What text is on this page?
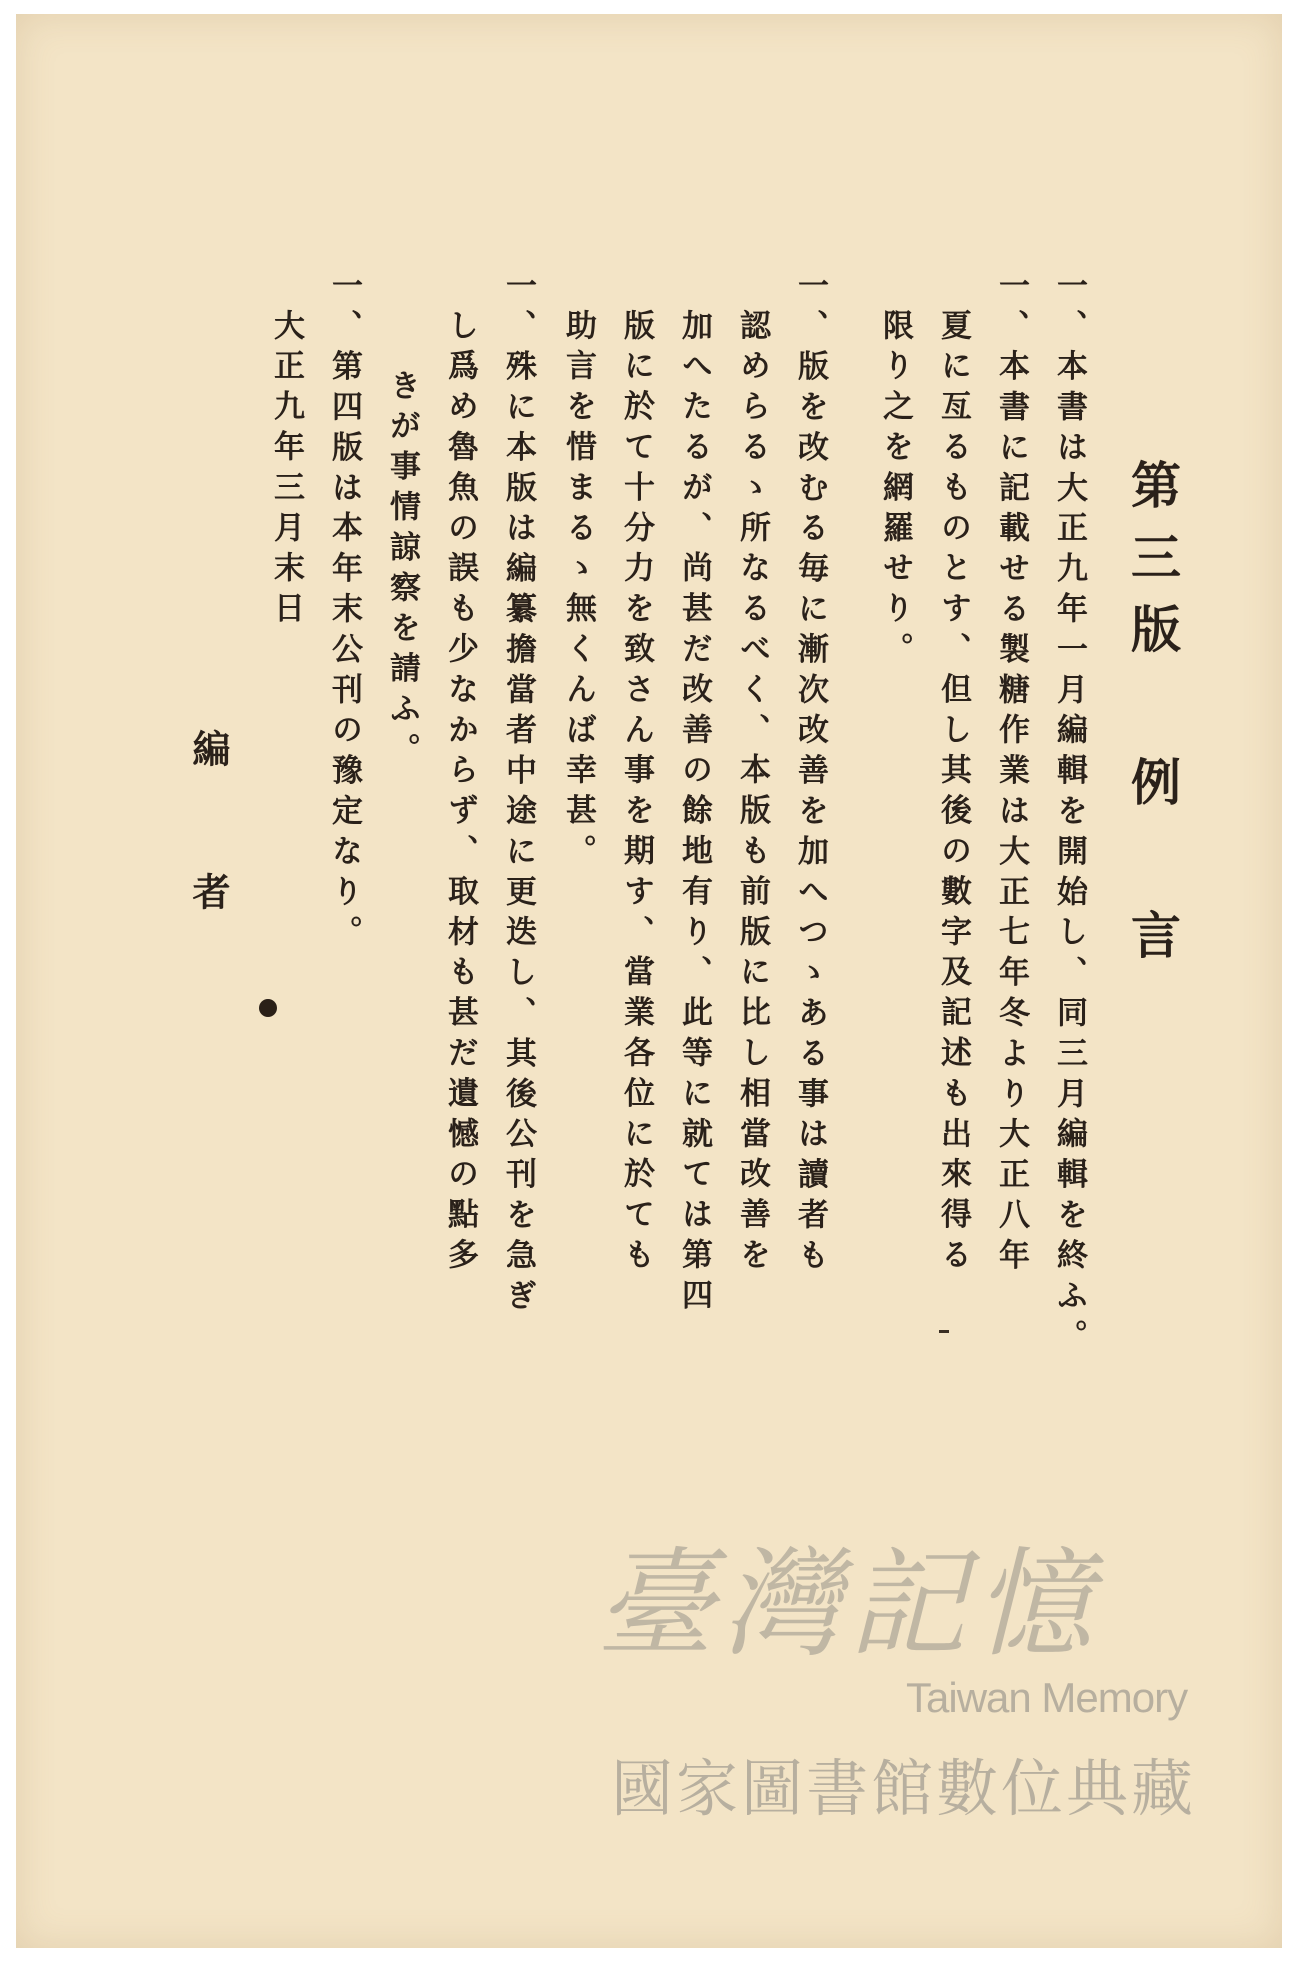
第三版 例 言
一、本書は大正九年一月編輯を開始し、同三月編輯を終ふ。
一、本書に記載せる製糖作業は大正七年冬より大正八年
夏に亙るものとす、但し其後の數字及記述も出來得る
限り之を網羅せり。
一、版を改むる毎に漸次改善を加へつゝある事は讀者も
認めらるゝ所なるべく、本版も前版に比し相當改善を
加へたるが、尚甚だ改善の餘地有り、此等に就ては第四
版に於て十分力を致さん事を期す、當業各位に於ても
助言を惜まるゝ無くんば幸甚。
一、殊に本版は編纂擔當者中途に更迭し、其後公刊を急ぎ
し爲め魯魚の誤も少なからず、取材も甚だ遺憾の點多
きが事情諒察を請ふ。
一、第四版は本年末公刊の豫定なり。
大正九年三月末日
編 者
臺灣記憶
Taiwan Memory
國家圖書館數位典藏
